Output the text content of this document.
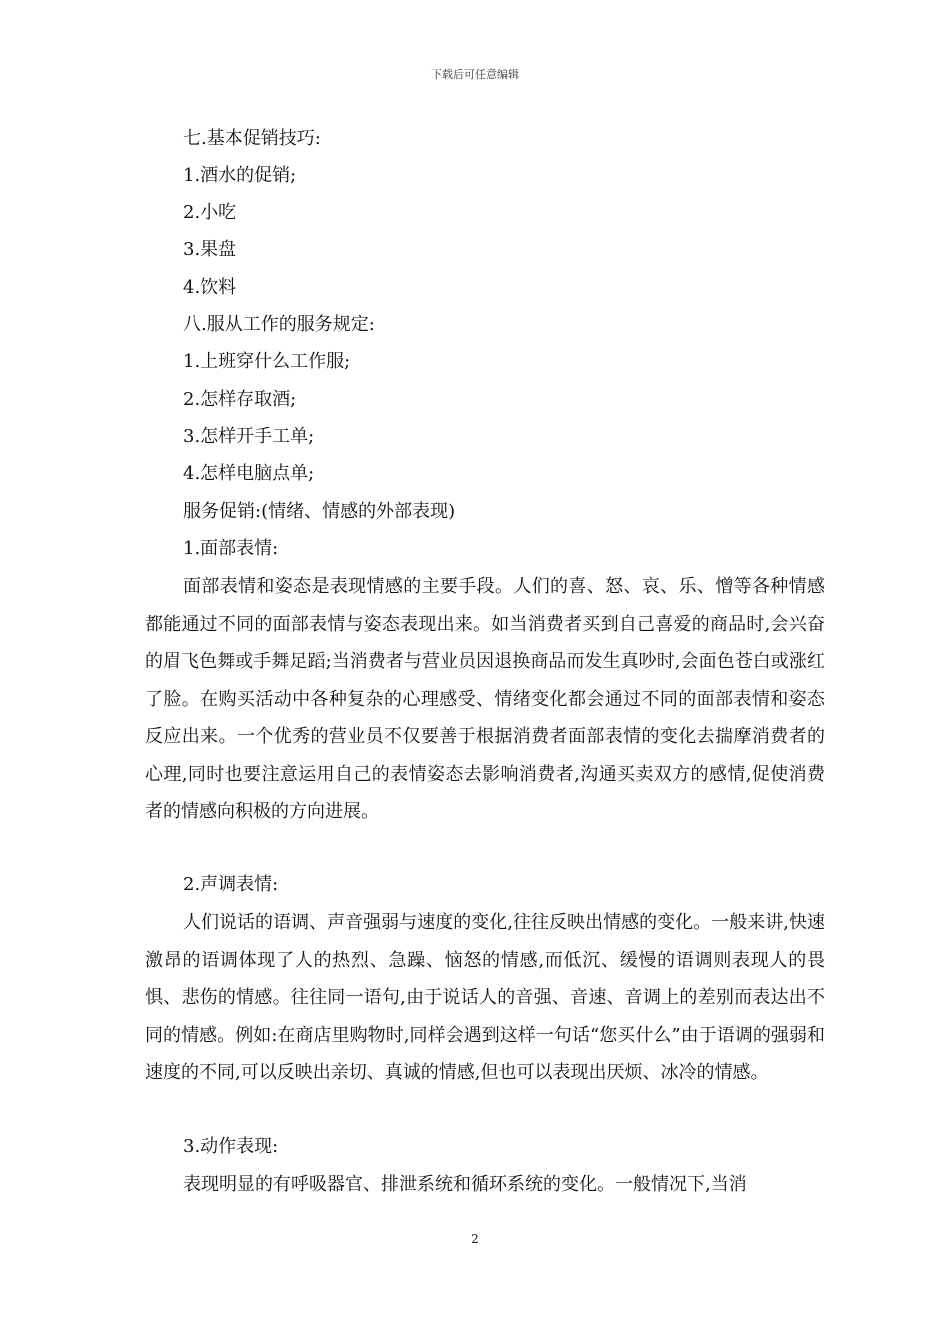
下载后可任意编辑
七.基本促销技巧:
1.酒水的促销;
2.小吃
3.果盘
4.饮料
八.服从工作的服务规定:
1.上班穿什么工作服;
2.怎样存取酒;
3.怎样开手工单;
4.怎样电脑点单;
服务促销:(情绪、情感的外部表现)
1.面部表情:

面部表情和姿态是表现情感的主要手段。人们的喜、怒、哀、乐、憎等各种情感都能通过不同的面部表情与姿态表现出来。如当消费者买到自己喜爱的商品时,会兴奋的眉飞色舞或手舞足蹈;当消费者与营业员因退换商品而发生真吵时,会面色苍白或涨红了脸。在购买活动中各种复杂的心理感受、情绪变化都会通过不同的面部表情和姿态反应出来。一个优秀的营业员不仅要善于根据消费者面部表情的变化去揣摩消费者的心理,同时也要注意运用自己的表情姿态去影响消费者,沟通买卖双方的感情,促使消费者的情感向积极的方向进展。

2.声调表情:

人们说话的语调、声音强弱与速度的变化,往往反映出情感的变化。一般来讲,快速激昂的语调体现了人的热烈、急躁、恼怒的情感,而低沉、缓慢的语调则表现人的畏惧、悲伤的情感。往往同一语句,由于说话人的音强、音速、音调上的差别而表达出不同的情感。例如:在商店里购物时,同样会遇到这样一句话“您买什么”由于语调的强弱和速度的不同,可以反映出亲切、真诚的情感,但也可以表现出厌烦、冰冷的情感。

3.动作表现:

表现明显的有呼吸器官、排泄系统和循环系统的变化。一般情况下,当消

2
